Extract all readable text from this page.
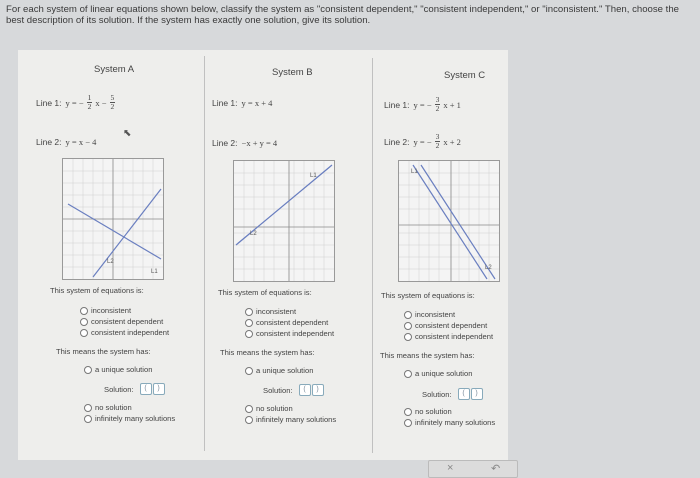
For each system of linear equations shown below, classify the system as "consistent dependent," "consistent independent," or "inconsistent." Then, choose the best description of its solution. If the system has exactly one solution, give its solution.
System A
Line 1: y = − $\frac{1}{2}$ $x - \frac{5}{2}$
Line 2: y = x − 4
⬉
L2
L1
This system of equations is:
inconsistent
consistent dependent
consistent independent
This means the system has:
a unique solution
Solution:	(	)
no solution
infinitely many solutions
System B
Line 1: y = x + 4
Line 2: −x + y = 4
L1
L2
This system of equations is:
inconsistent
consistent dependent
consistent independent
This means the system has:
a unique solution
Solution:	(	)
no solution
infinitely many solutions
System C
Line 1: y = − $\frac{3}{2}$ x + 1
Line 2: y = − $\frac{3}{2}$ x + 2
L1
L2
This system of equations is:
inconsistent
consistent dependent
consistent independent
This means the system has:
a unique solution
Solution:	(	)
no solution
infinitely many solutions
×	↶
